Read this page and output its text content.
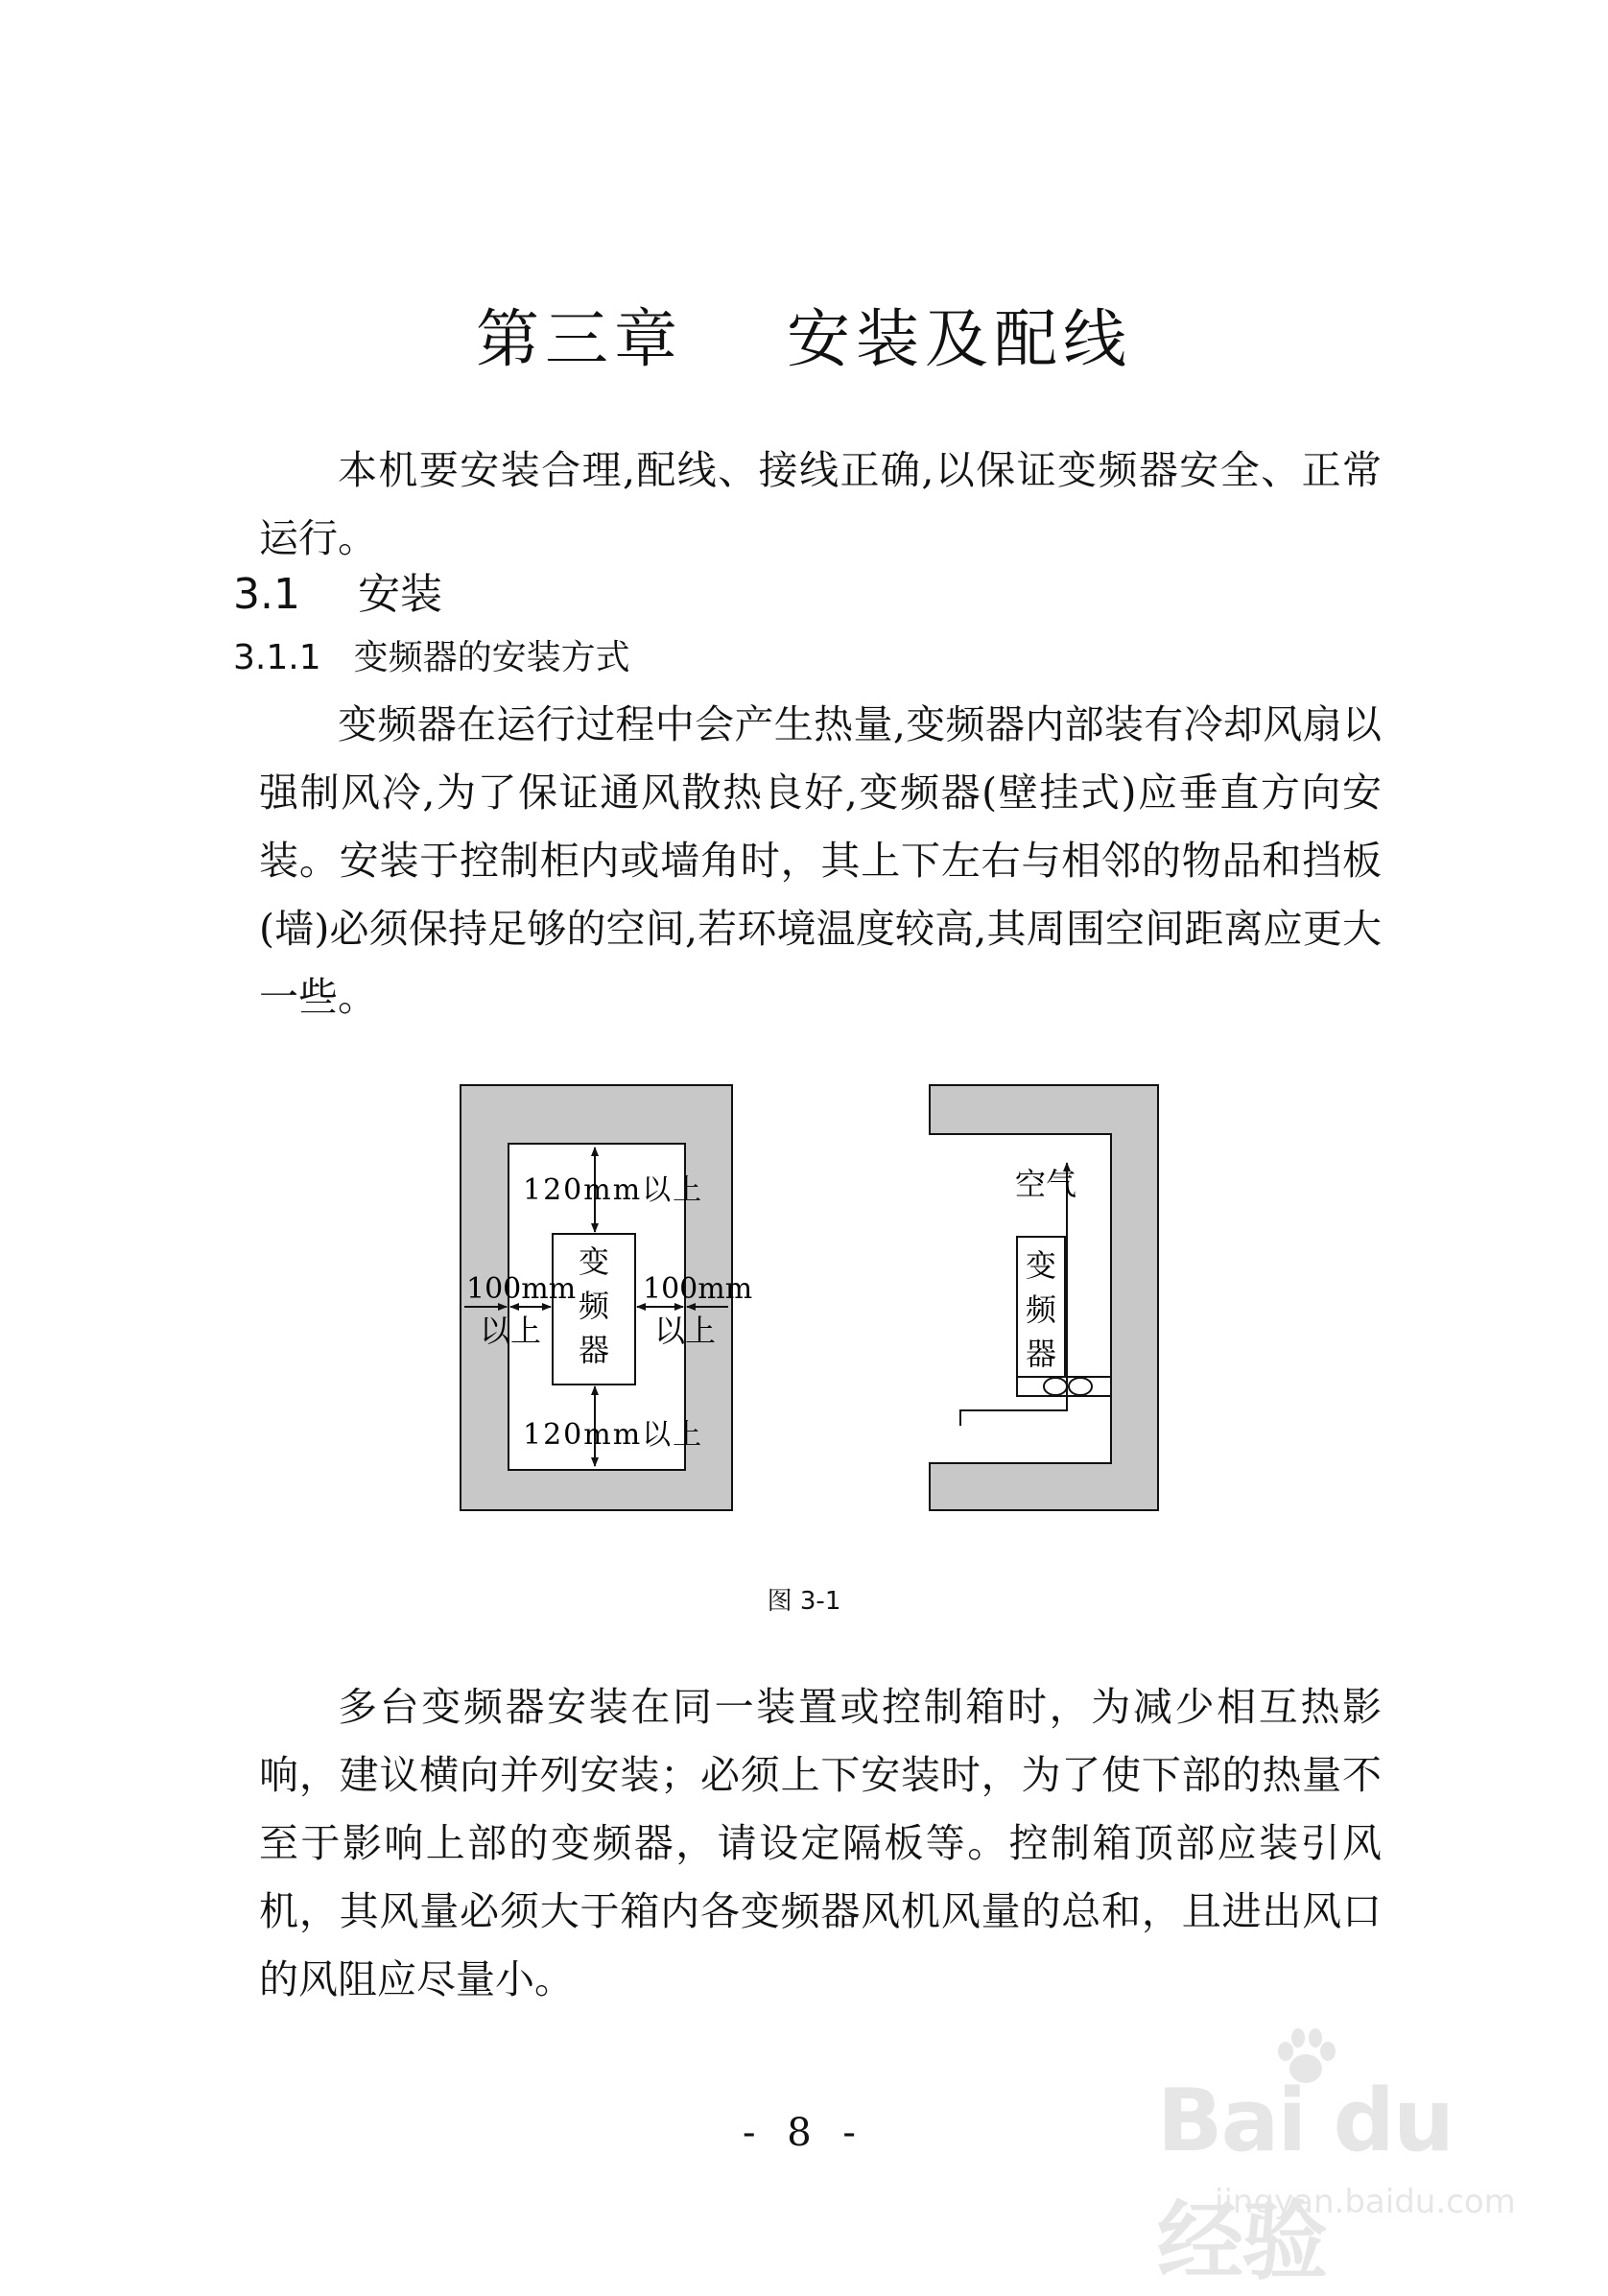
第三章    安装及配线

本机要安装合理,配线、接线正确,以保证变频器安全、正常运行。

3.1 安装
3.1.1 变频器的安装方式

变频器在运行过程中会产生热量,变频器内部装有冷却风扇以强制风冷,为了保证通风散热良好,变频器(壁挂式)应垂直方向安装。安装于控制柜内或墙角时，其上下左右与相邻的物品和挡板(墙)必须保持足够的空间,若环境温度较高,其周围空间距离应更大一些。

120mm以上
120mm以上
100mm
以上
100mm
以上
变
频
器
空气
变
频
器
图 3-1

多台变频器安装在同一装置或控制箱时，为减少相互热影响，建议横向并列安装；必须上下安装时，为了使下部的热量不至于影响上部的变频器，请设定隔板等。控制箱顶部应装引风机，其风量必须大于箱内各变频器风机风量的总和，且进出风口的风阻应尽量小。

- 8 -	Bai du 经验
jingyan.baidu.com
